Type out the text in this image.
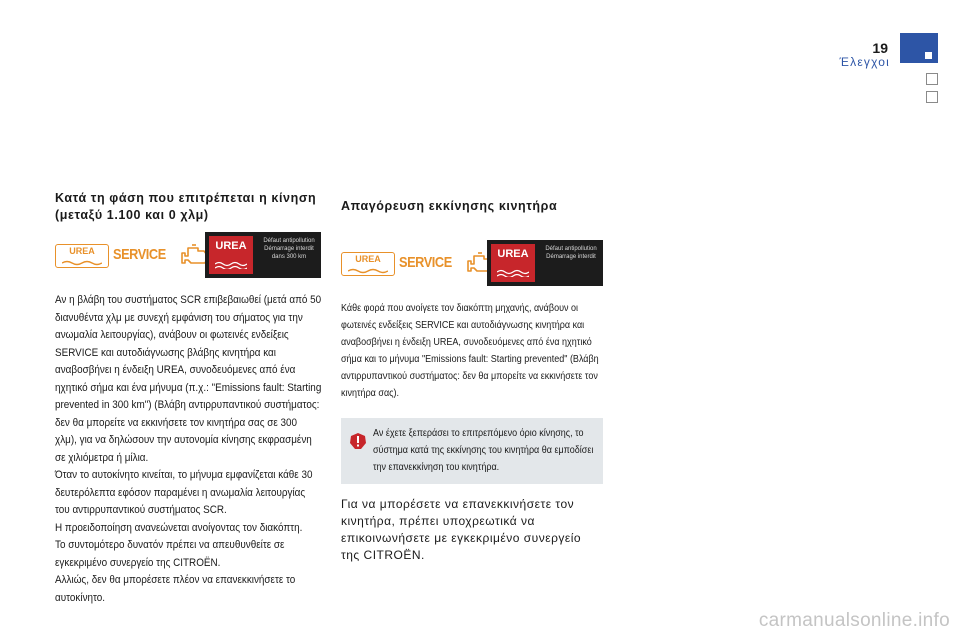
19
Έλεγχοι
Κατά τη φάση που επιτρέπεται η κίνηση (μεταξύ 1.100 και 0 χλμ)
UREA	SERVICE	UREA	Défaut antipollution Démarrage interdit dans 300 km

Αν η βλάβη του συστήματος SCR επιβεβαιωθεί (μετά από 50 διανυθέντα χλμ με συνεχή εμφάνιση του σήματος για την ανωμαλία λειτουργίας), ανάβουν οι φωτεινές ενδείξεις SERVICE και αυτοδιάγνωσης βλάβης κινητήρα και αναβοσβήνει η ένδειξη UREA, συνοδευόμενες από ένα ηχητικό σήμα και ένα μήνυμα (π.χ.: "Emissions fault: Starting prevented in 300 km") (Βλάβη αντιρρυπαντικού συστήματος: δεν θα μπορείτε να εκκινήσετε τον κινητήρα σας σε 300 χλμ), για να δηλώσουν την αυτονομία κίνησης εκφρασμένη σε χιλιόμετρα ή μίλια.

Όταν το αυτοκίνητο κινείται, το μήνυμα εμφανίζεται κάθε 30 δευτερόλεπτα εφόσον παραμένει η ανωμαλία λειτουργίας του αντιρρυπαντικού συστήματος SCR.

Η προειδοποίηση ανανεώνεται ανοίγοντας τον διακόπτη.

Το συντομότερο δυνατόν πρέπει να απευθυνθείτε σε εγκεκριμένο συνεργείο της CITROËN.

Αλλιώς, δεν θα μπορέσετε πλέον να επανεκκινήσετε το αυτοκίνητο.

Απαγόρευση εκκίνησης κινητήρα
UREA	SERVICE	UREA	Défaut antipollution Démarrage interdit

Κάθε φορά που ανοίγετε τον διακόπτη μηχανής, ανάβουν οι φωτεινές ενδείξεις SERVICE και αυτοδιάγνωσης κινητήρα και αναβοσβήνει η ένδειξη UREA, συνοδευόμενες από ένα ηχητικό σήμα και το μήνυμα "Emissions fault: Starting prevented" (Βλάβη αντιρρυπαντικού συστήματος: δεν θα μπορείτε να εκκινήσετε τον κινητήρα σας).

Αν έχετε ξεπεράσει το επιτρεπόμενο όριο κίνησης, το σύστημα κατά της εκκίνησης του κινητήρα θα εμποδίσει την επανεκκίνηση του κινητήρα.
Για να μπορέσετε να επανεκκινήσετε τον κινητήρα, πρέπει υποχρεωτικά να επικοινωνήσετε με εγκεκριμένο συνεργείο της CITROËN.
carmanualsonline.info
